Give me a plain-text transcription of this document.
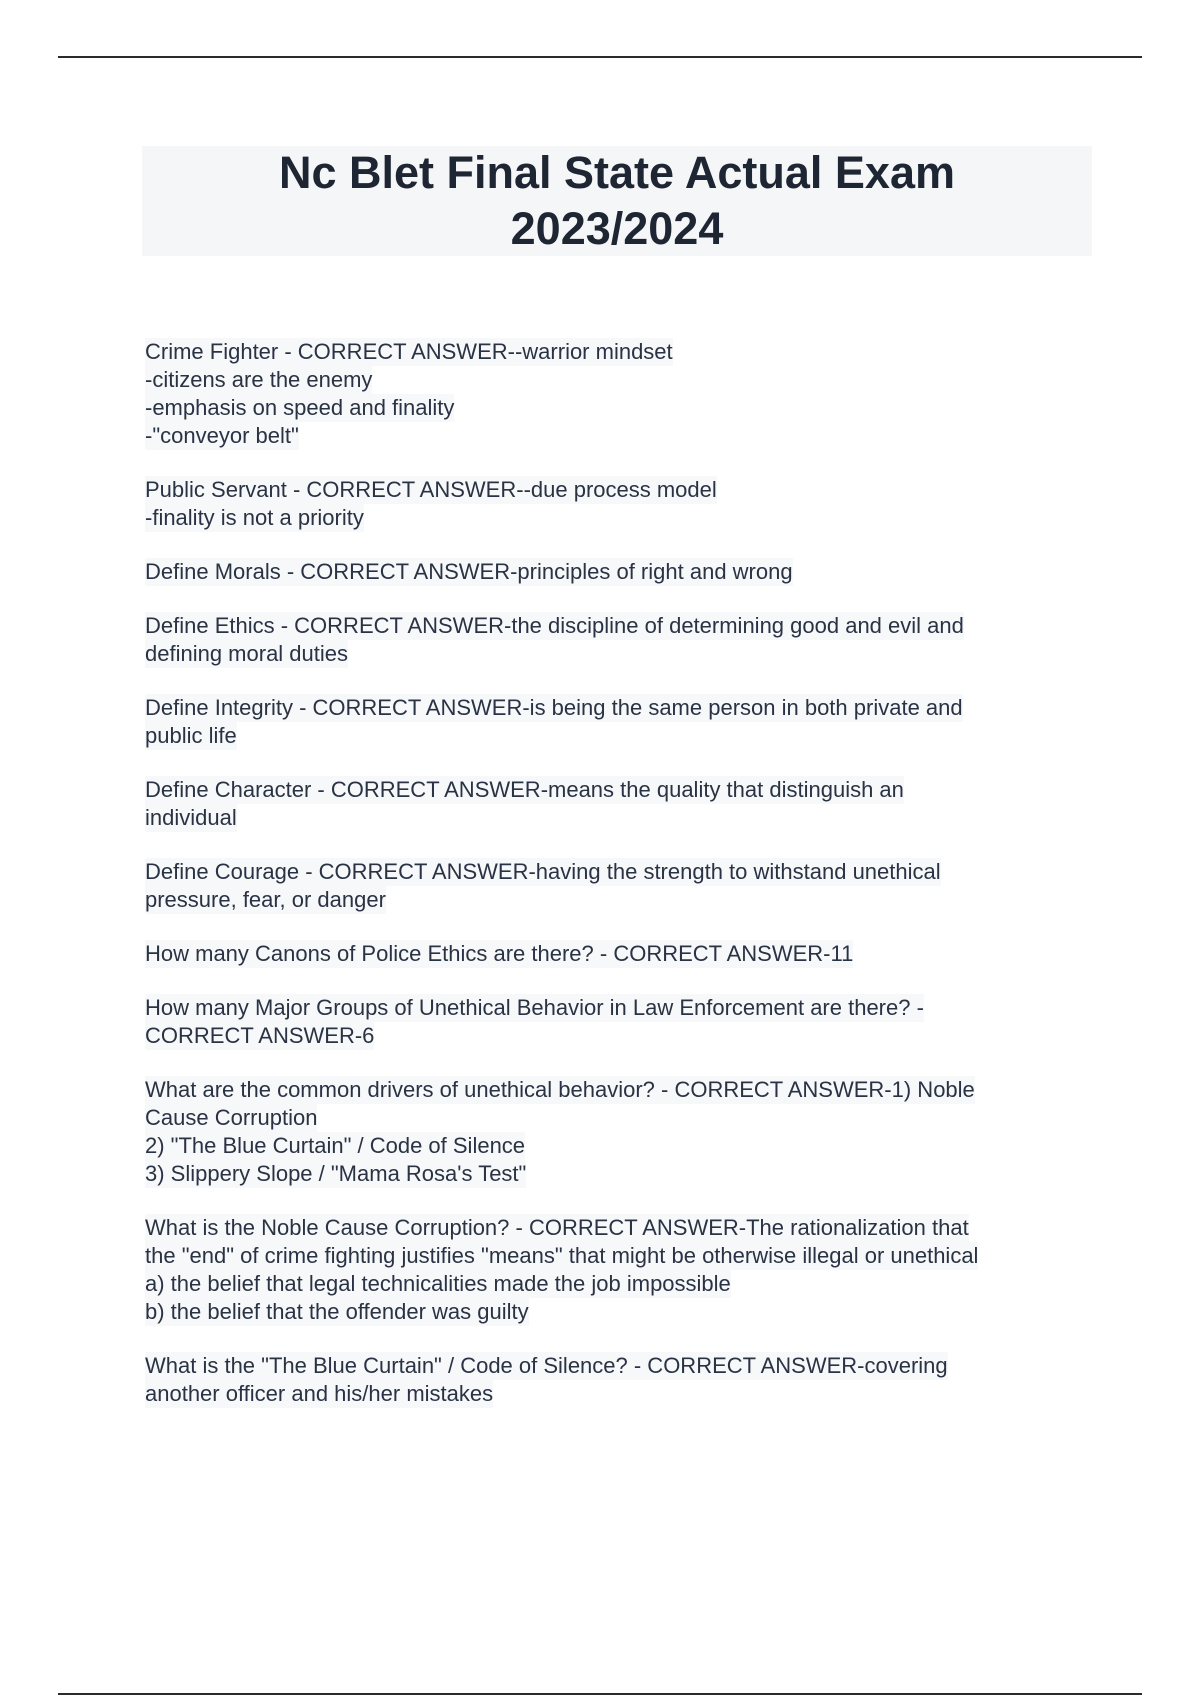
Nc Blet Final State Actual Exam
2023/2024
Crime Fighter - CORRECT ANSWER--warrior mindset
-citizens are the enemy
-emphasis on speed and finality
-"conveyor belt"
Public Servant - CORRECT ANSWER--due process model
-finality is not a priority
Define Morals - CORRECT ANSWER-principles of right and wrong
Define Ethics - CORRECT ANSWER-the discipline of determining good and evil and
defining moral duties
Define Integrity - CORRECT ANSWER-is being the same person in both private and
public life
Define Character - CORRECT ANSWER-means the quality that distinguish an
individual
Define Courage - CORRECT ANSWER-having the strength to withstand unethical
pressure, fear, or danger
How many Canons of Police Ethics are there? - CORRECT ANSWER-11
How many Major Groups of Unethical Behavior in Law Enforcement are there? -
CORRECT ANSWER-6
What are the common drivers of unethical behavior? - CORRECT ANSWER-1) Noble
Cause Corruption
2) "The Blue Curtain" / Code of Silence
3) Slippery Slope / "Mama Rosa's Test"
What is the Noble Cause Corruption? - CORRECT ANSWER-The rationalization that
the "end" of crime fighting justifies "means" that might be otherwise illegal or unethical
a) the belief that legal technicalities made the job impossible
b) the belief that the offender was guilty
What is the "The Blue Curtain" / Code of Silence? - CORRECT ANSWER-covering
another officer and his/her mistakes
